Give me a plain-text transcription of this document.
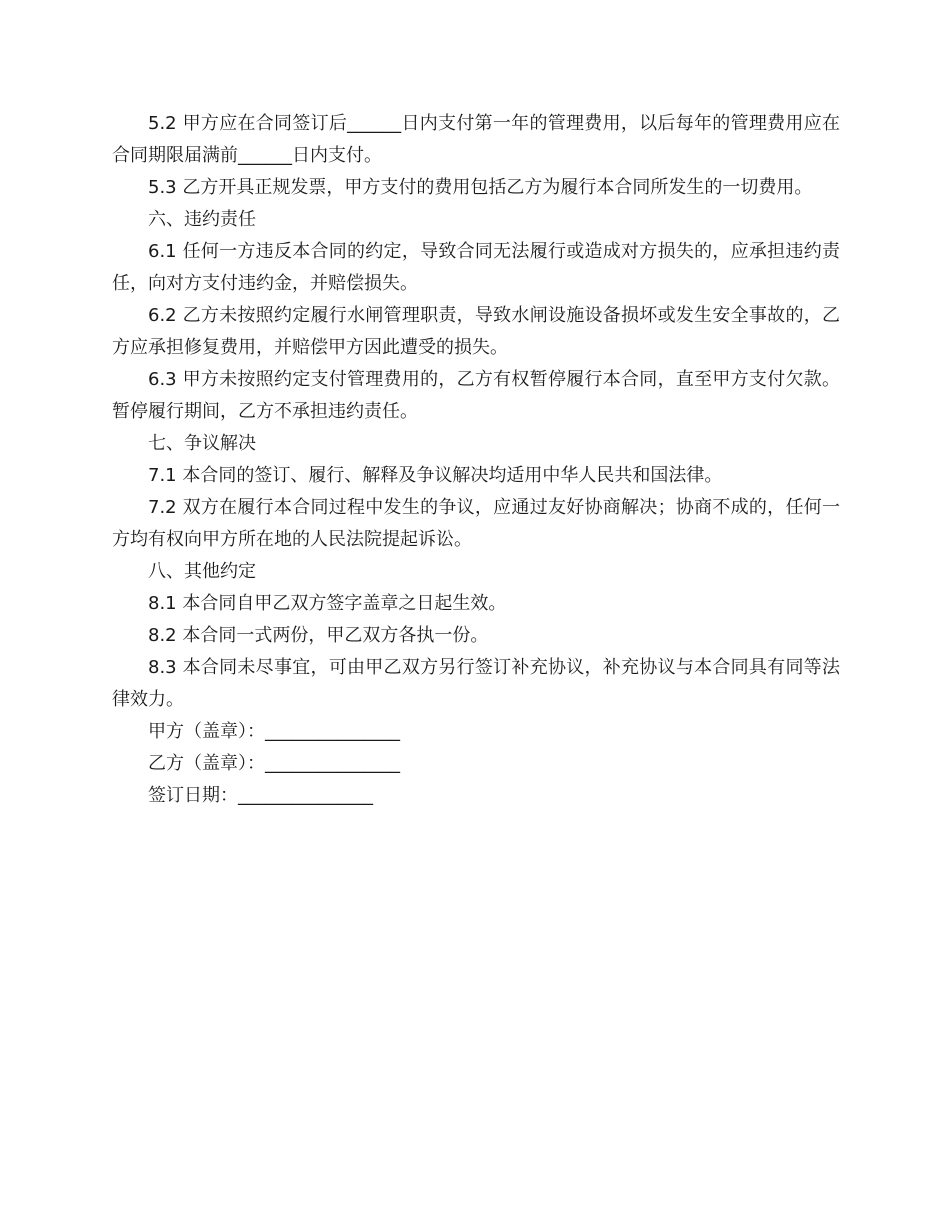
5.2 甲方应在合同签订后______日内支付第一年的管理费用，以后每年的管理费用应在合同期限届满前______日内支付。

5.3 乙方开具正规发票，甲方支付的费用包括乙方为履行本合同所发生的一切费用。

六、违约责任

6.1 任何一方违反本合同的约定，导致合同无法履行或造成对方损失的，应承担违约责任，向对方支付违约金，并赔偿损失。

6.2 乙方未按照约定履行水闸管理职责，导致水闸设施设备损坏或发生安全事故的，乙方应承担修复费用，并赔偿甲方因此遭受的损失。

6.3 甲方未按照约定支付管理费用的，乙方有权暂停履行本合同，直至甲方支付欠款。暂停履行期间，乙方不承担违约责任。

七、争议解决

7.1 本合同的签订、履行、解释及争议解决均适用中华人民共和国法律。

7.2 双方在履行本合同过程中发生的争议，应通过友好协商解决；协商不成的，任何一方均有权向甲方所在地的人民法院提起诉讼。

八、其他约定

8.1 本合同自甲乙双方签字盖章之日起生效。

8.2 本合同一式两份，甲乙双方各执一份。

8.3 本合同未尽事宜，可由甲乙双方另行签订补充协议，补充协议与本合同具有同等法律效力。

甲方（盖章）：_______________

乙方（盖章）：_______________

签订日期：_______________
